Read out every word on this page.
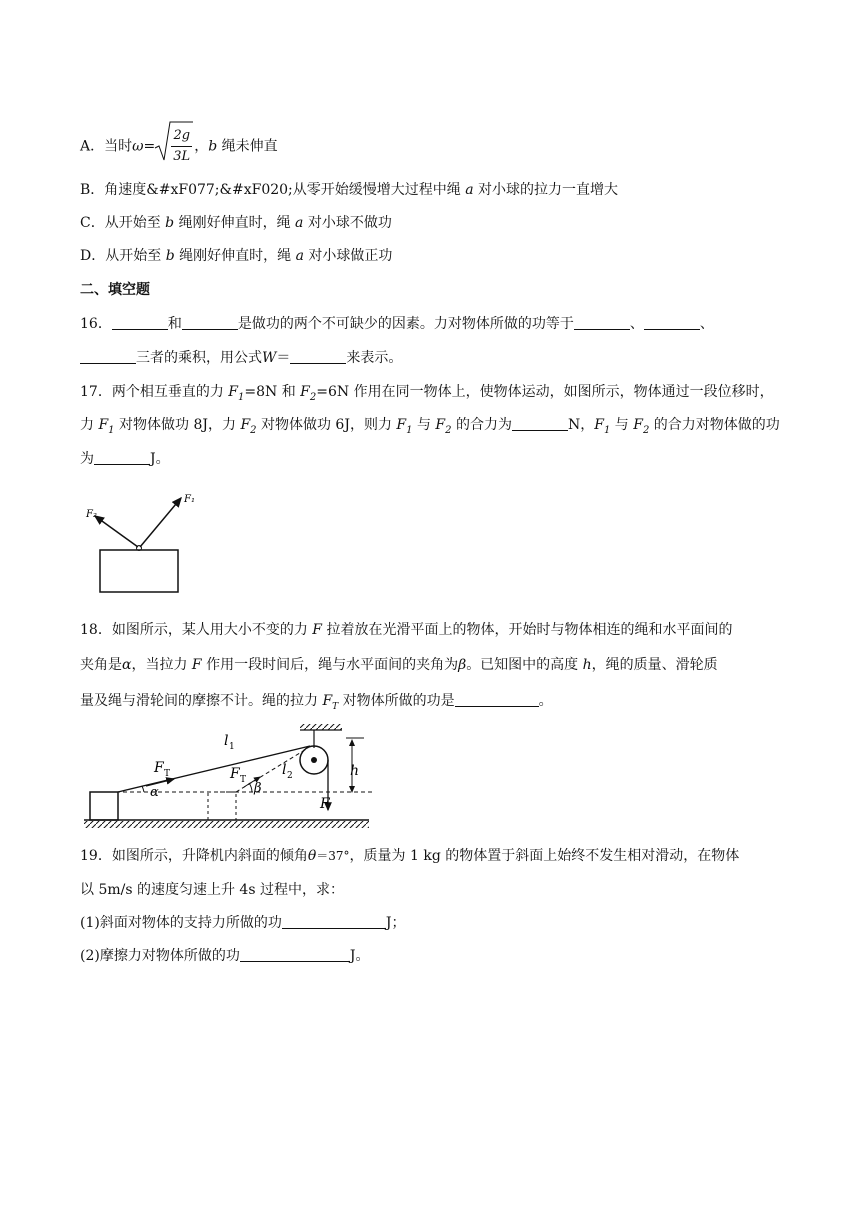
A．当时$\omega= \frac{2g}{3L}$ ，b 绳未伸直
B．角速度&#xF077;&#xF020;从零开始缓慢增大过程中绳 a 对小球的拉力一直增大
C．从开始至 b 绳刚好伸直时，绳 a 对小球不做功
D．从开始至 b 绳刚好伸直时，绳 a 对小球做正功
二、填空题
16．	和	是做功的两个不可缺少的因素。力对物体所做的功等于	、	、
三者的乘积，用公式W＝	来表示。
17．两个相互垂直的力 $F_1=8N$ 和 $F_2=6N$ 作用在同一物体上，使物体运动，如图所示，物体通过一段位移时，
力 $F_1$ 对物体做功 8J，力 $F_2$ 对物体做功 6J，则力 $F_1$ 与 $F_2$ 的合力为	N，$F_1$ 与 $F_2$ 的合力对物体做的功
为	J。
F₂
F₁
18．如图所示，某人用大小不变的力 F 拉着放在光滑平面上的物体，开始时与物体相连的绳和水平面间的
夹角是α，当拉力 F 作用一段时间后，绳与水平面间的夹角为β。已知图中的高度 h，绳的质量、滑轮质
量及绳与滑轮间的摩擦不计。绳的拉力 $F_T$ 对物体所做的功是	。
F
h
F T
l 1
F T
l 2
α	β
19．如图所示，升降机内斜面的倾角θ＝37°，质量为 1 kg 的物体置于斜面上始终不发生相对滑动，在物体
以 5m/s 的速度匀速上升 4s 过程中，求：
(1)斜面对物体的支持力所做的功	J；
(2)摩擦力对物体所做的功	J。
